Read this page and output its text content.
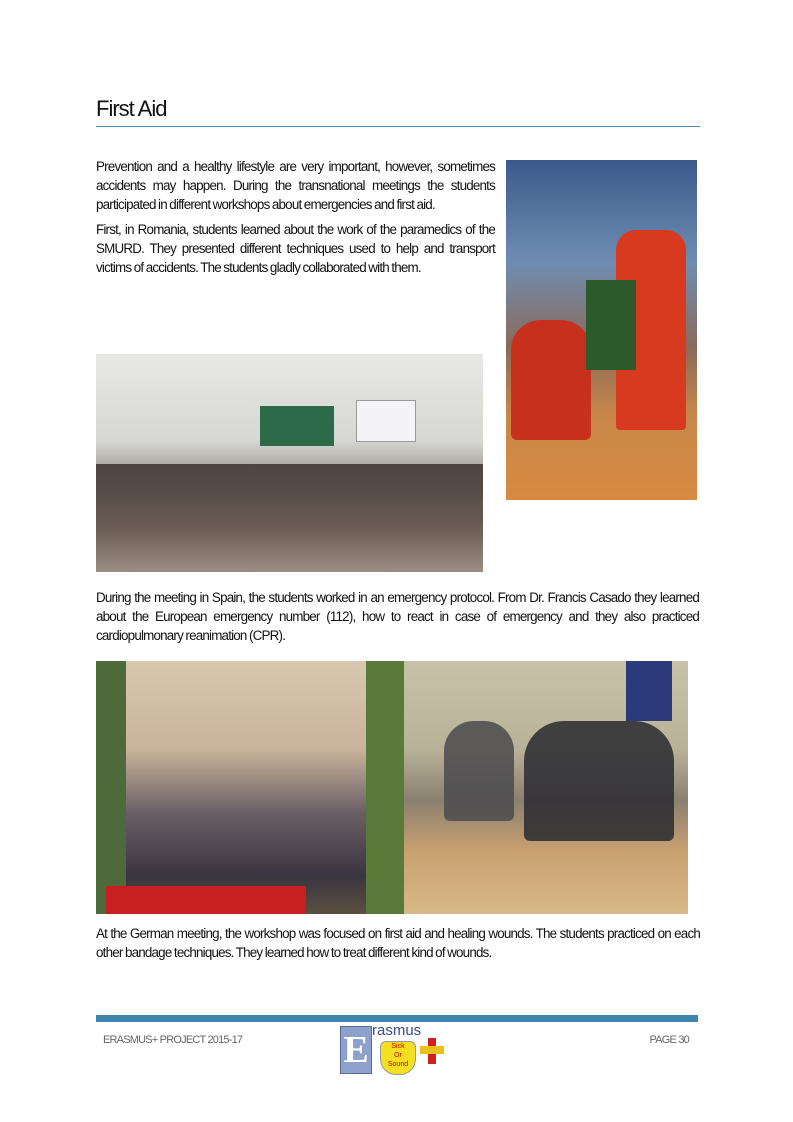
First Aid

Prevention and a healthy lifestyle are very important, however, sometimes accidents may happen. During the transnational meetings the students participated in different workshops about emergencies and first aid.

First, in Romania, students learned about the work of the paramedics of the SMURD. They presented different techniques used to help and transport victims of accidents. The students gladly collaborated with them.

During the meeting in Spain, the students worked in an emergency protocol. From Dr. Francis Casado they learned about the European emergency number (112), how to react in case of emergency and they also practiced cardiopulmonary reanimation (CPR).

At the German meeting, the workshop was focused on first aid and healing wounds. The students practiced on each other bandage techniques. They learned how to treat different kind of wounds.

ERASMUS+ PROJECT 2015-17	PAGE 30
E rasmus
Sick
Or
Sound
